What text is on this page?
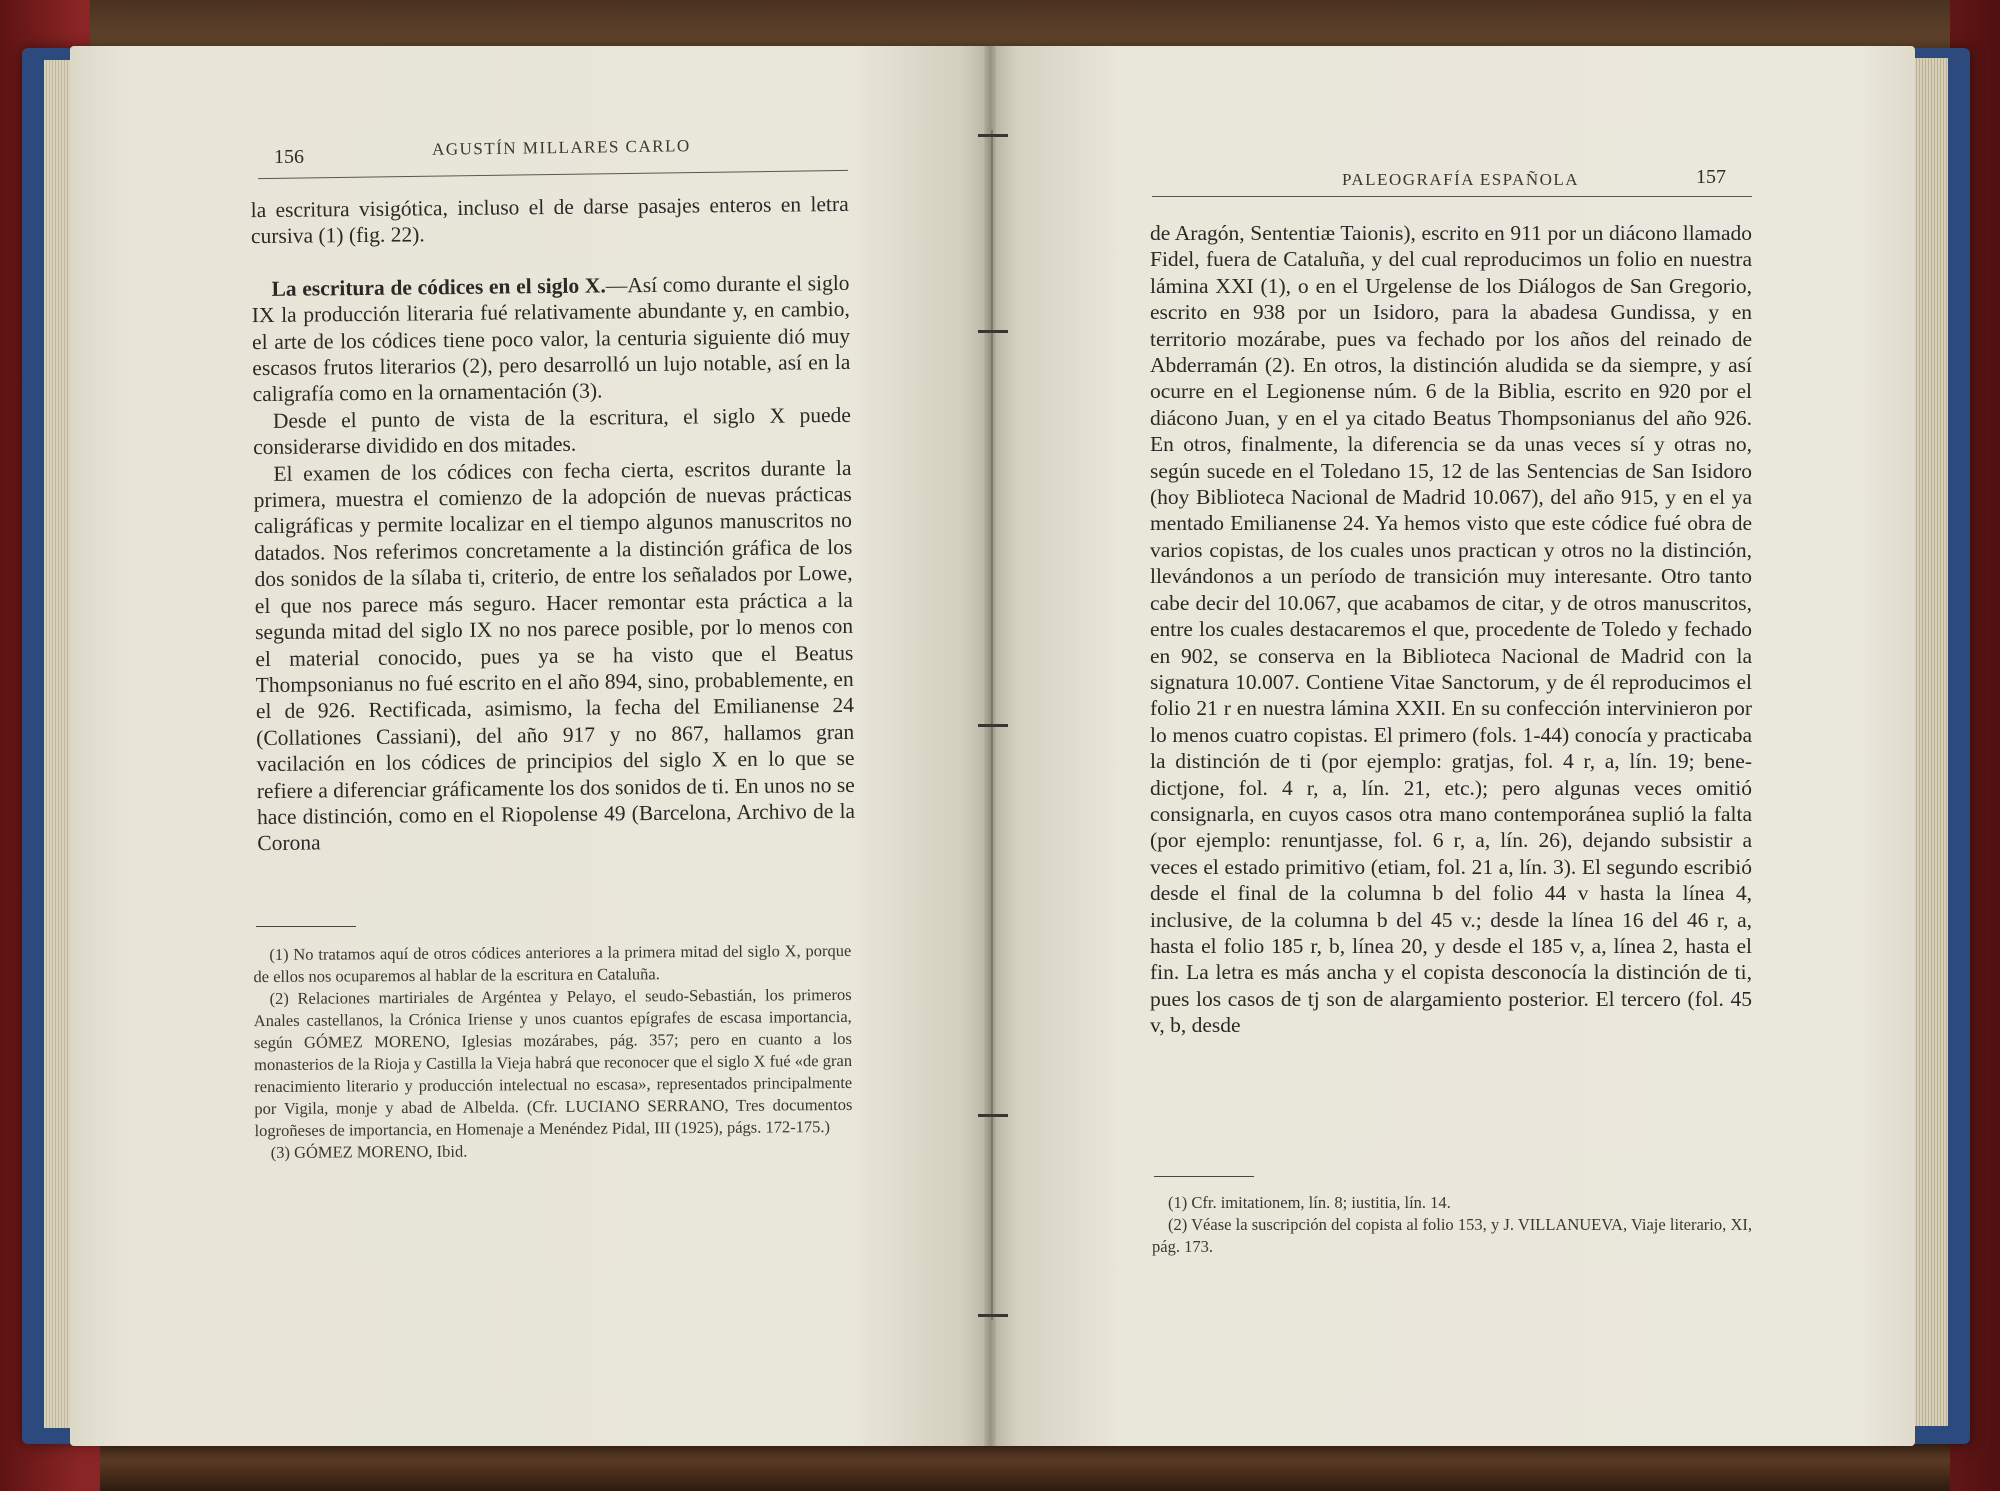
156	AGUSTÍN MILLARES CARLO

la escritura visigótica, incluso el de darse pasajes enteros en letra cursiva (1) (fig. 22).

La escritura de códices en el siglo X.—Así como durante el siglo IX la producción literaria fué relativamente abundante y, en cambio, el arte de los códices tiene poco valor, la centuria siguiente dió muy escasos frutos literarios (2), pero desarrolló un lujo notable, así en la caligrafía como en la ornamentación (3).

Desde el punto de vista de la escritura, el siglo X puede considerarse dividido en dos mitades.

El examen de los códices con fecha cierta, escritos durante la primera, muestra el comienzo de la adopción de nuevas prácticas caligráficas y permite localizar en el tiempo algunos manuscritos no datados. Nos referimos concretamente a la distinción gráfica de los dos sonidos de la sílaba ti, criterio, de entre los señalados por Lowe, el que nos parece más seguro. Hacer remontar esta práctica a la segunda mitad del siglo IX no nos parece posible, por lo menos con el material conocido, pues ya se ha visto que el Beatus Thompsonianus no fué escrito en el año 894, sino, probablemente, en el de 926. Rectificada, asimismo, la fecha del Emilianense 24 (Collationes Cassiani), del año 917 y no 867, hallamos gran vacilación en los códices de principios del siglo X en lo que se refiere a diferenciar gráficamente los dos sonidos de ti. En unos no se hace distinción, como en el Riopolense 49 (Barcelona, Archivo de la Corona

(1) No tratamos aquí de otros códices anteriores a la primera mitad del siglo X, porque de ellos nos ocuparemos al hablar de la escritura en Cataluña.

(2) Relaciones martiriales de Argéntea y Pelayo, el seudo-Sebastián, los primeros Anales castellanos, la Crónica Iriense y unos cuantos epígrafes de escasa importancia, según GÓMEZ MORENO, Iglesias mozárabes, pág. 357; pero en cuanto a los monasterios de la Rioja y Castilla la Vieja habrá que reconocer que el siglo X fué «de gran renacimiento literario y producción intelectual no escasa», representados principalmente por Vigila, monje y abad de Albelda. (Cfr. LUCIANO SERRANO, Tres documentos logroñeses de importancia, en Homenaje a Menéndez Pidal, III (1925), págs. 172-175.)

(3) GÓMEZ MORENO, Ibid.

PALEOGRAFÍA ESPAÑOLA	157

de Aragón, Sententiæ Taionis), escrito en 911 por un diácono llamado Fidel, fuera de Cataluña, y del cual reproducimos un folio en nuestra lámina XXI (1), o en el Urgelense de los Diálogos de San Gregorio, escrito en 938 por un Isidoro, para la abadesa Gundissa, y en territorio mozárabe, pues va fechado por los años del reinado de Abderramán (2). En otros, la distinción aludida se da siempre, y así ocurre en el Legionense núm. 6 de la Biblia, escrito en 920 por el diácono Juan, y en el ya citado Beatus Thompsonianus del año 926. En otros, finalmente, la diferencia se da unas veces sí y otras no, según sucede en el Toledano 15, 12 de las Sentencias de San Isidoro (hoy Biblioteca Nacional de Madrid 10.067), del año 915, y en el ya mentado Emilianense 24. Ya hemos visto que este códice fué obra de varios copistas, de los cuales unos practican y otros no la distinción, llevándonos a un período de transición muy interesante. Otro tanto cabe decir del 10.067, que acabamos de citar, y de otros manuscritos, entre los cuales destacaremos el que, procedente de Toledo y fechado en 902, se conserva en la Biblioteca Nacional de Madrid con la signatura 10.007. Contiene Vitae Sanctorum, y de él reproducimos el folio 21 r en nuestra lámina XXII. En su confección intervinieron por lo menos cuatro copistas. El primero (fols. 1-44) conocía y practicaba la distinción de ti (por ejemplo: gratjas, fol. 4 r, a, lín. 19; bene-dictjone, fol. 4 r, a, lín. 21, etc.); pero algunas veces omitió consignarla, en cuyos casos otra mano contemporánea suplió la falta (por ejemplo: renuntjasse, fol. 6 r, a, lín. 26), dejando subsistir a veces el estado primitivo (etiam, fol. 21 a, lín. 3). El segundo escribió desde el final de la columna b del folio 44 v hasta la línea 4, inclusive, de la columna b del 45 v.; desde la línea 16 del 46 r, a, hasta el folio 185 r, b, línea 20, y desde el 185 v, a, línea 2, hasta el fin. La letra es más ancha y el copista desconocía la distinción de ti, pues los casos de tj son de alargamiento posterior. El tercero (fol. 45 v, b, desde

(1) Cfr. imitationem, lín. 8; iustitia, lín. 14.

(2) Véase la suscripción del copista al folio 153, y J. VILLANUEVA, Viaje literario, XI, pág. 173.
